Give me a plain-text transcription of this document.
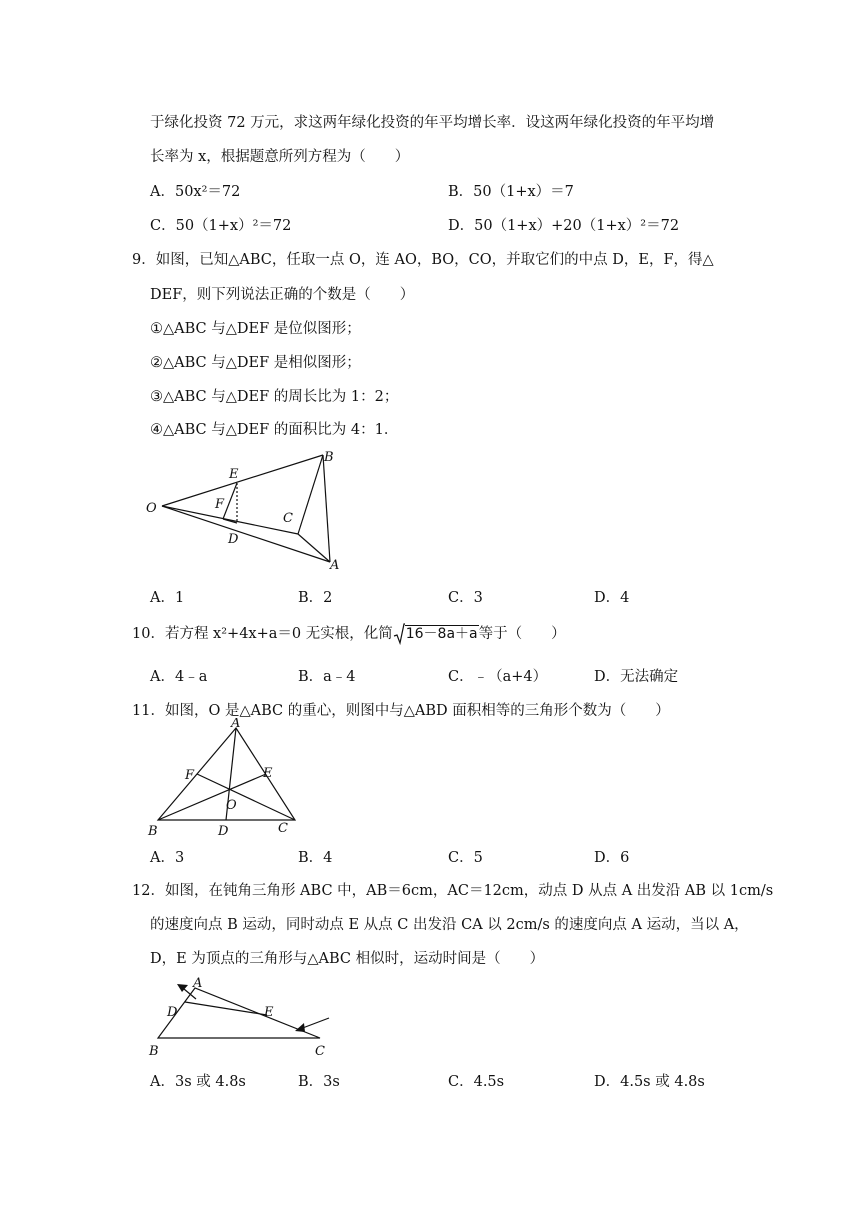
于绿化投资 72 万元，求这两年绿化投资的年平均增长率．设这两年绿化投资的年平均增
长率为 x，根据题意所列方程为（　　）
A．50x²＝72	B．50（1+x）＝7
C．50（1+x）²＝72	D．50（1+x）+20（1+x）²＝72
9．如图，已知△ABC，任取一点 O，连 AO，BO，CO，并取它们的中点 D，E，F，得△
DEF，则下列说法正确的个数是（　　）
①△ABC 与△DEF 是位似图形；
②△ABC 与△DEF 是相似图形；
③△ABC 与△DEF 的周长比为 1：2；
④△ABC 与△DEF 的面积比为 4：1．
O
E
F
D
C
B
A
A．1	B．2	C．3	D．4
10．若方程 x²+4x+a＝0 无实根，化简 16－8a＋a等于（　　）
A．4﹣a	B．a﹣4	C．﹣（a+4）	D．无法确定
11．如图，O 是△ABC 的重心，则图中与△ABD 面积相等的三角形个数为（　　）
A
F	E
O
B	D	C
A．3	B．4	C．5	D．6
12．如图，在钝角三角形 ABC 中，AB＝6cm，AC＝12cm，动点 D 从点 A 出发沿 AB 以 1cm/s
的速度向点 B 运动，同时动点 E 从点 C 出发沿 CA 以 2cm/s 的速度向点 A 运动，当以 A，
D，E 为顶点的三角形与△ABC 相似时，运动时间是（　　）
A
D	E
B	C
A．3s 或 4.8s	B．3s	C．4.5s	D．4.5s 或 4.8s
